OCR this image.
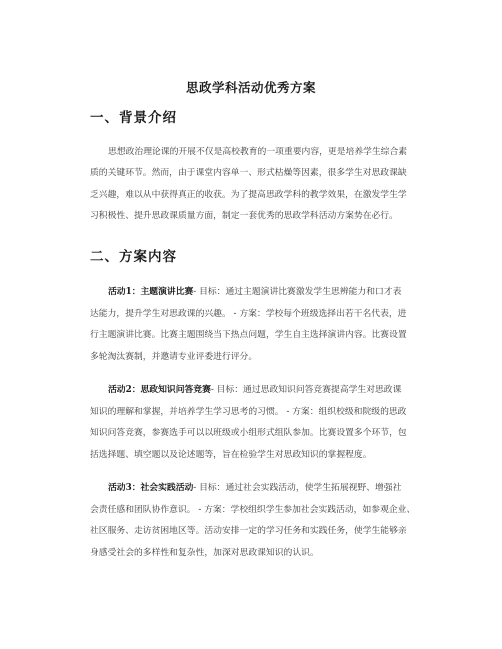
思政学科活动优秀方案
一、背景介绍

思想政治理论课的开展不仅是高校教育的一项重要内容，更是培养学生综合素
质的关键环节。然而，由于课堂内容单一、形式枯燥等因素，很多学生对思政课缺
乏兴趣，难以从中获得真正的收获。为了提高思政学科的教学效果，在激发学生学
习积极性、提升思政课质量方面，制定一套优秀的思政学科活动方案势在必行。

二、方案内容

活动1：主题演讲比赛- 目标：通过主题演讲比赛激发学生思辨能力和口才表
达能力，提升学生对思政课的兴趣。 - 方案：学校每个班级选择出若干名代表，进
行主题演讲比赛。比赛主题围绕当下热点问题，学生自主选择演讲内容。比赛设置
多轮淘汰赛制，并邀请专业评委进行评分。

活动2：思政知识问答竞赛- 目标：通过思政知识问答竞赛提高学生对思政课
知识的理解和掌握，并培养学生学习思考的习惯。 - 方案：组织校级和院级的思政
知识问答竞赛，参赛选手可以以班级或小组形式组队参加。比赛设置多个环节，包
括选择题、填空题以及论述题等，旨在检验学生对思政知识的掌握程度。

活动3：社会实践活动- 目标：通过社会实践活动，使学生拓展视野、增强社
会责任感和团队协作意识。 - 方案：学校组织学生参加社会实践活动，如参观企业、
社区服务、走访贫困地区等。活动安排一定的学习任务和实践任务，使学生能够亲
身感受社会的多样性和复杂性，加深对思政课知识的认识。
